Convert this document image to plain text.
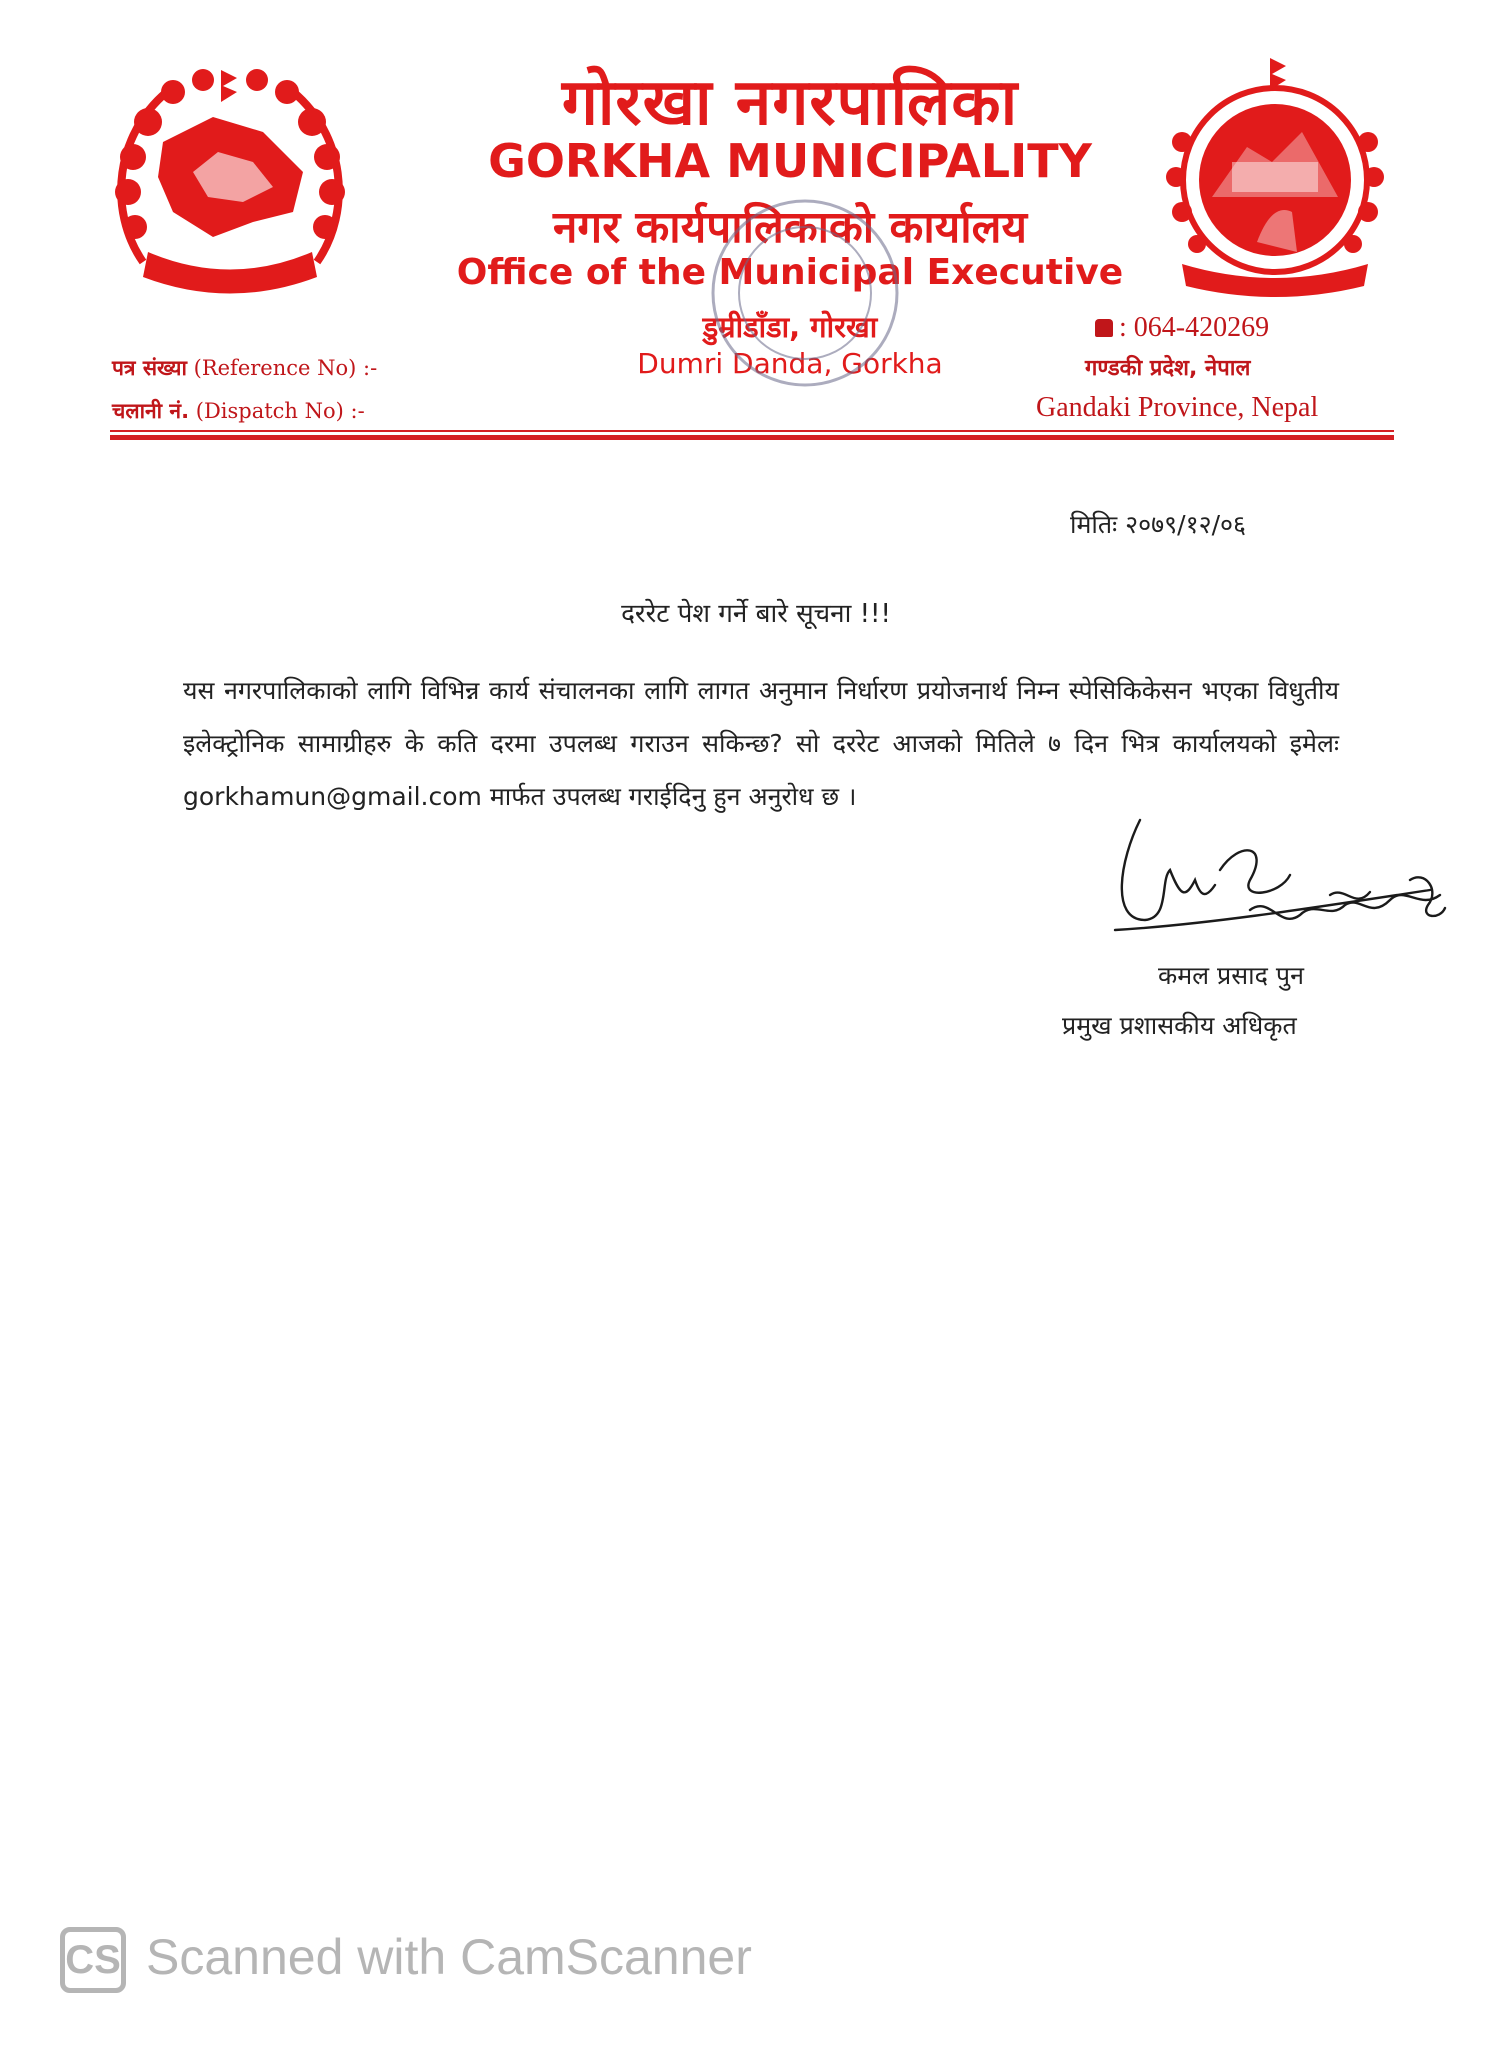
गोरखा नगरपालिका
GORKHA MUNICIPALITY
नगर कार्यपालिकाको कार्यालय
Office of the Municipal Executive
डुम्रीडाँडा, गोरखा
Dumri Danda, Gorkha
पत्र संख्या (Reference No) :-
चलानी नं. (Dispatch No) :-
: 064-420269
गण्डकी प्रदेश, नेपाल
Gandaki Province, Nepal
मितिः २०७९/१२/०६
दररेट पेश गर्ने बारे सूचना !!!
यस नगरपालिकाको लागि विभिन्न कार्य संचालनका लागि लागत अनुमान निर्धारण प्रयोजनार्थ निम्न स्पेसिकिकेसन भएका विधुतीय इलेक्ट्रोनिक सामाग्रीहरु के कति दरमा उपलब्ध गराउन सकिन्छ? सो दररेट आजको मितिले ७ दिन भित्र कार्यालयको इमेलः gorkhamun@gmail.com मार्फत उपलब्ध गराईदिनु हुन अनुरोध छ ।
कमल प्रसाद पुन
प्रमुख प्रशासकीय अधिकृत
CS Scanned with CamScanner
